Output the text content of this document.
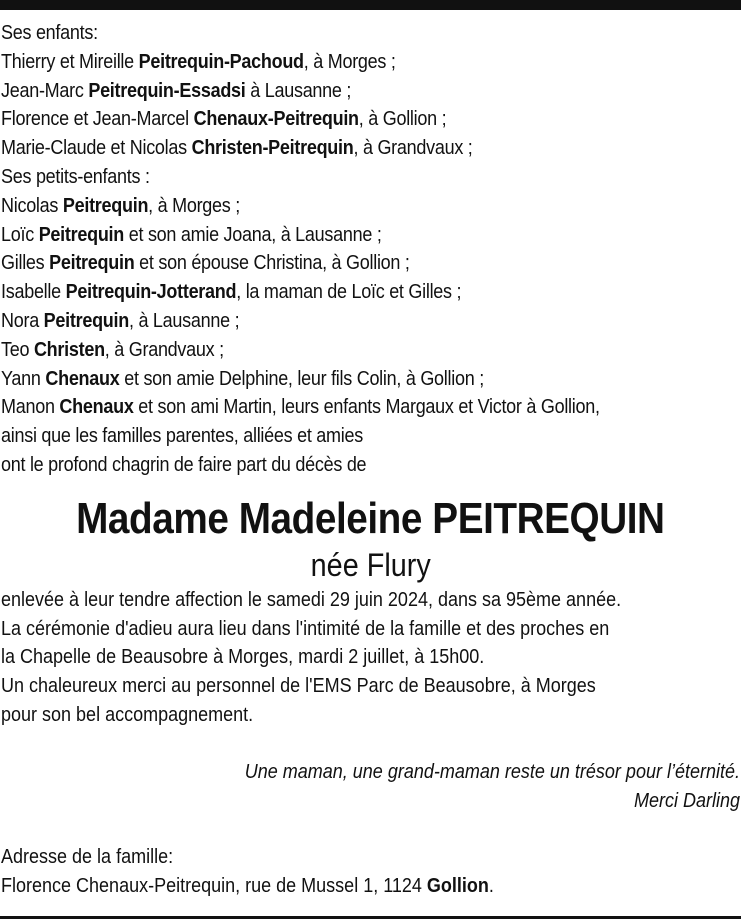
Ses enfants:
Thierry et Mireille Peitrequin-Pachoud, à Morges ;
Jean-Marc Peitrequin-Essadsi à Lausanne ;
Florence et Jean-Marcel Chenaux-Peitrequin, à Gollion ;
Marie-Claude et Nicolas Christen-Peitrequin, à Grandvaux ;
Ses petits-enfants :
Nicolas Peitrequin, à Morges ;
Loïc Peitrequin et son amie Joana, à Lausanne ;
Gilles Peitrequin et son épouse Christina, à Gollion ;
Isabelle Peitrequin-Jotterand, la maman de Loïc et Gilles ;
Nora Peitrequin, à Lausanne ;
Teo Christen, à Grandvaux ;
Yann Chenaux et son amie Delphine, leur fils Colin, à Gollion ;
Manon Chenaux et son ami Martin, leurs enfants Margaux et Victor à Gollion,
ainsi que les familles parentes, alliées et amies
ont le profond chagrin de faire part du décès de
Madame Madeleine PEITREQUIN
née Flury
enlevée à leur tendre affection le samedi 29 juin 2024, dans sa 95ème année.
La cérémonie d'adieu aura lieu dans l'intimité de la famille et des proches en
la Chapelle de Beausobre à Morges, mardi 2 juillet, à 15h00.
Un chaleureux merci au personnel de l'EMS Parc de Beausobre, à Morges
pour son bel accompagnement.
Une maman, une grand-maman reste un trésor pour l’éternité.
Merci Darling
Adresse de la famille:
Florence Chenaux-Peitrequin, rue de Mussel 1, 1124 Gollion.
